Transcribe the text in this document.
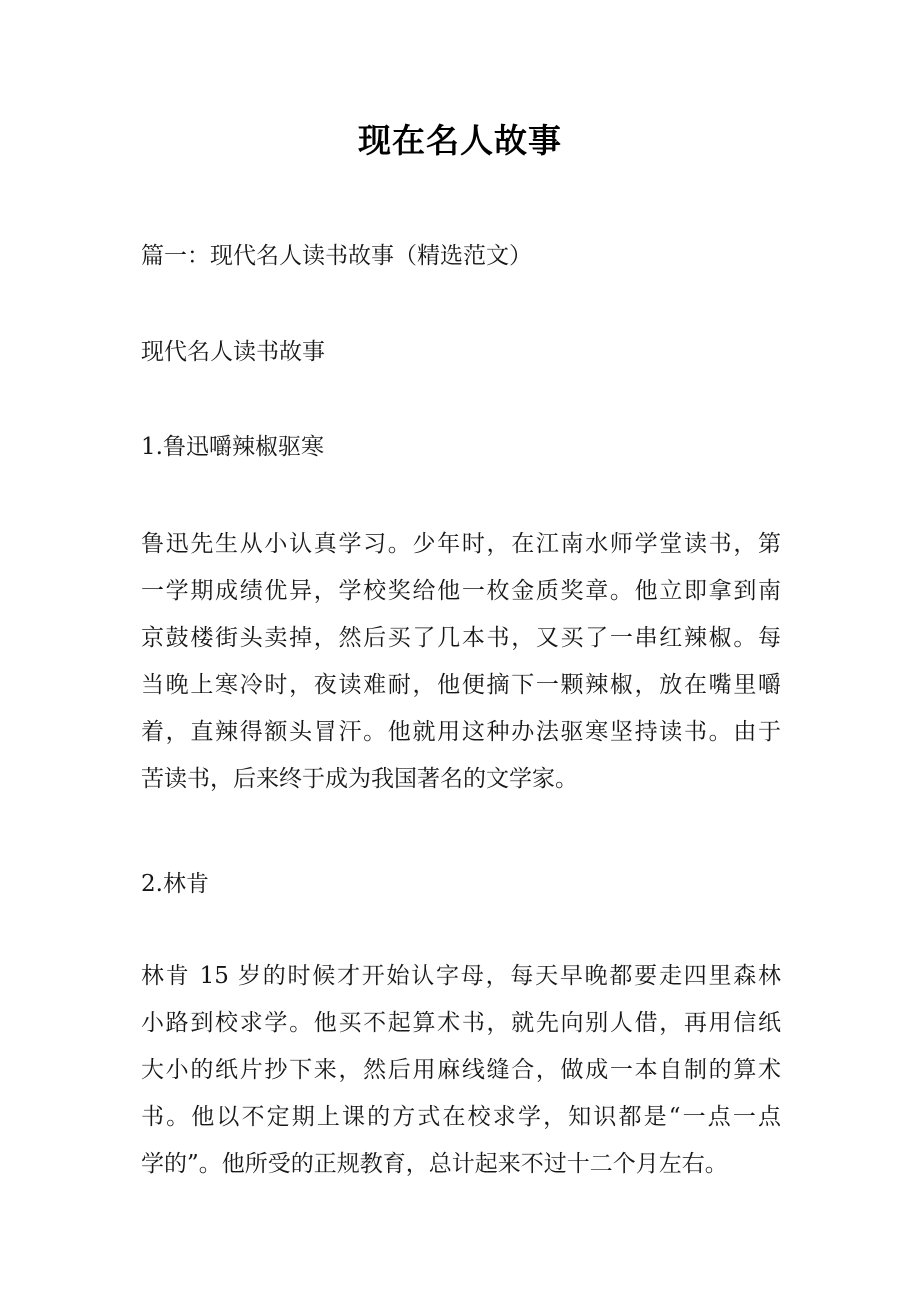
现在名人故事
篇一：现代名人读书故事（精选范文）
现代名人读书故事
1.鲁迅嚼辣椒驱寒
鲁迅先生从小认真学习。少年时，在江南水师学堂读书，第
一学期成绩优异，学校奖给他一枚金质奖章。他立即拿到南
京鼓楼街头卖掉，然后买了几本书，又买了一串红辣椒。每
当晚上寒冷时，夜读难耐，他便摘下一颗辣椒，放在嘴里嚼
着，直辣得额头冒汗。他就用这种办法驱寒坚持读书。由于
苦读书，后来终于成为我国著名的文学家。
2.林肯
林肯 15 岁的时候才开始认字母，每天早晚都要走四里森林
小路到校求学。他买不起算术书，就先向别人借，再用信纸
大小的纸片抄下来，然后用麻线缝合，做成一本自制的算术
书。他以不定期上课的方式在校求学，知识都是“一点一点
学的”。他所受的正规教育，总计起来不过十二个月左右。
